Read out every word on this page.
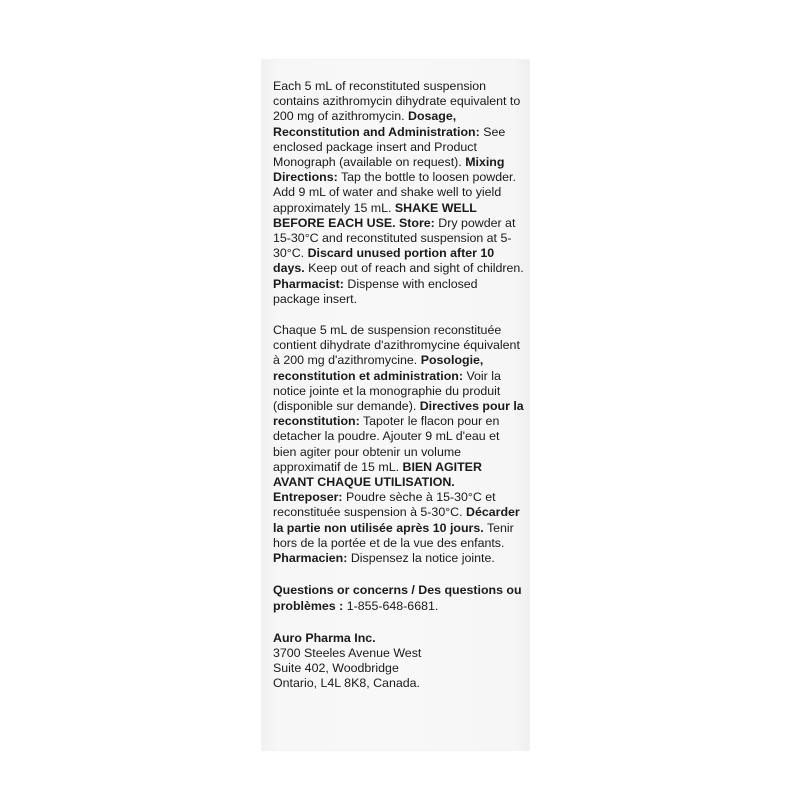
Each 5 mL of reconstituted suspension contains azithromycin dihydrate equivalent to 200 mg of azithromycin. Dosage, Reconstitution and Administration: See enclosed package insert and Product Monograph (available on request). Mixing Directions: Tap the bottle to loosen powder. Add 9 mL of water and shake well to yield approximately 15 mL. SHAKE WELL BEFORE EACH USE. Store: Dry powder at 15-30°C and reconstituted suspension at 5-30°C. Discard unused portion after 10 days. Keep out of reach and sight of children. Pharmacist: Dispense with enclosed package insert.

Chaque 5 mL de suspension reconstituée contient dihydrate d'azithromycine équivalent à 200 mg d'azithromycine. Posologie, reconstitution et administration: Voir la notice jointe et la monographie du produit (disponible sur demande). Directives pour la reconstitution: Tapoter le flacon pour en detacher la poudre. Ajouter 9 mL d'eau et bien agiter pour obtenir un volume approximatif de 15 mL. BIEN AGITER AVANT CHAQUE UTILISATION. Entreposer: Poudre sèche à 15-30°C et reconstituée suspension à 5-30°C. Décarder la partie non utilisée après 10 jours. Tenir hors de la portée et de la vue des enfants. Pharmacien: Dispensez la notice jointe.

Questions or concerns / Des questions ou problèmes : 1-855-648-6681.

Auro Pharma Inc.
3700 Steeles Avenue West
Suite 402, Woodbridge
Ontario, L4L 8K8, Canada.
